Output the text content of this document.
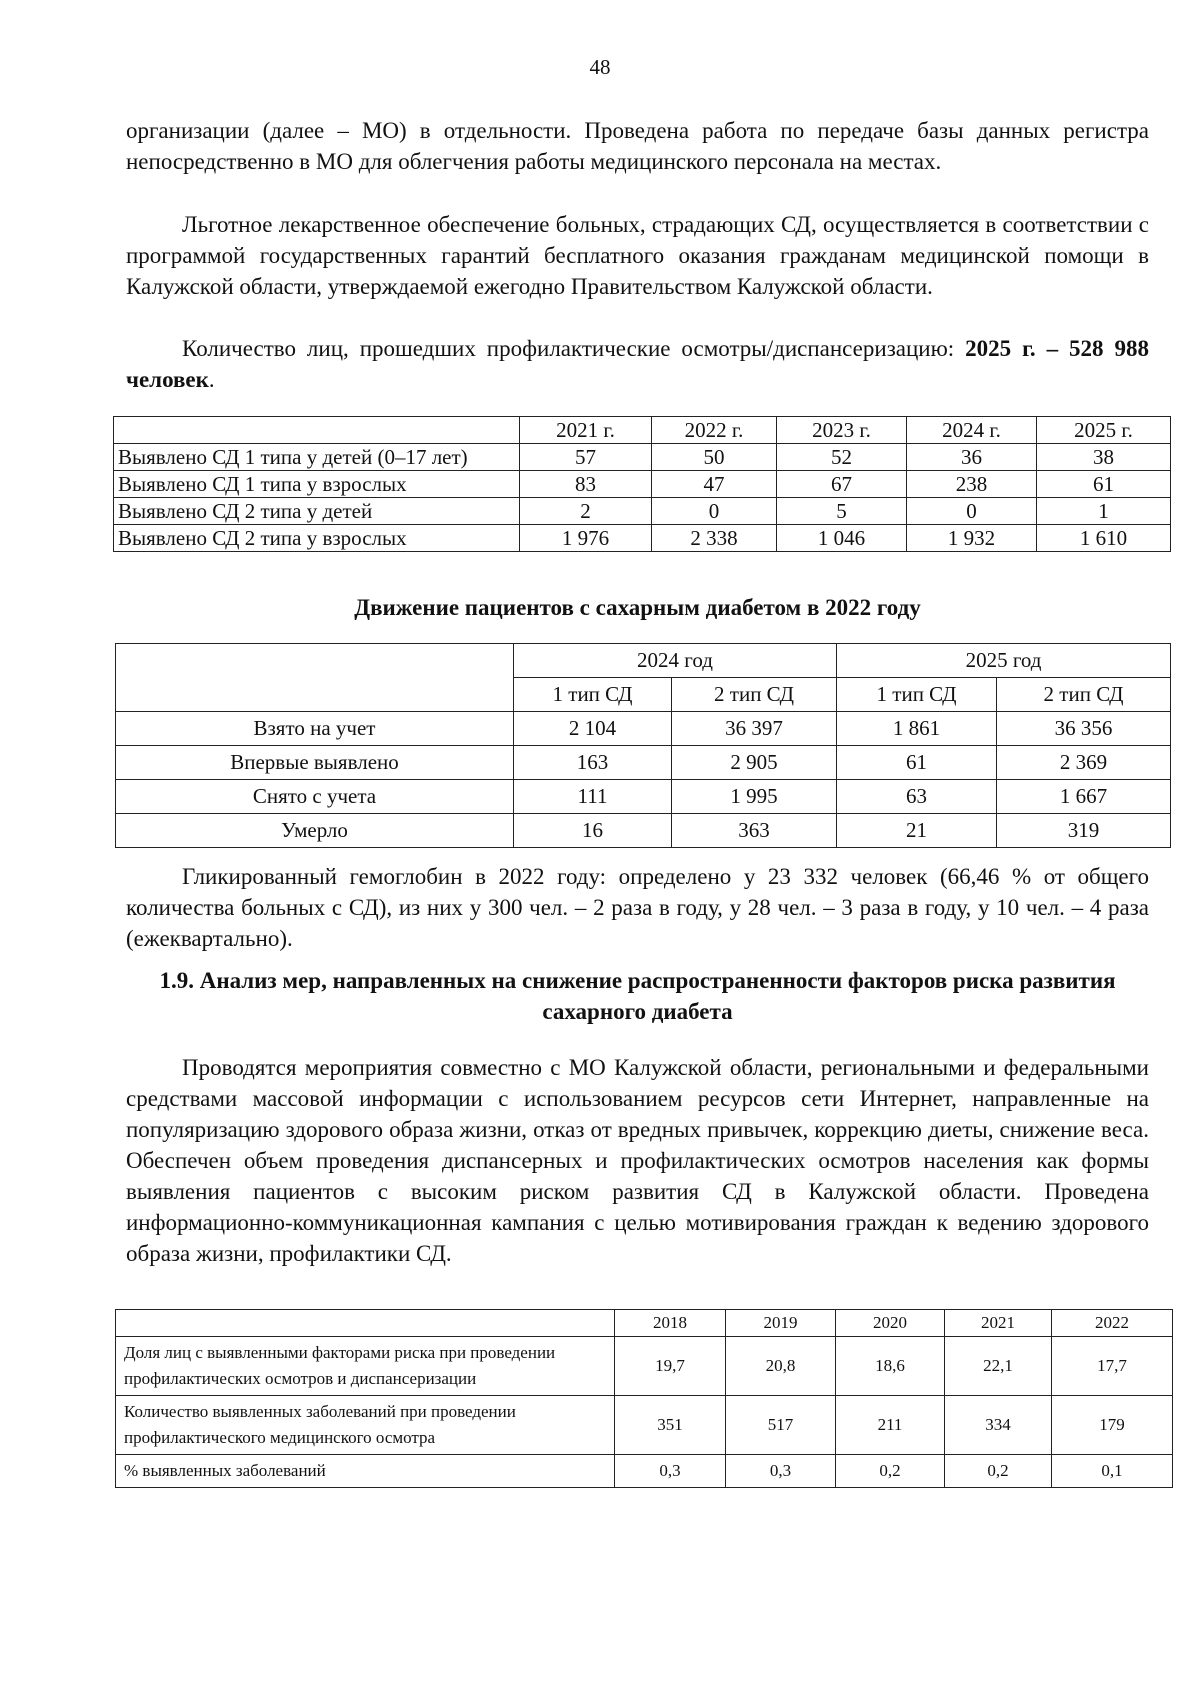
48

организации (далее – МО) в отдельности. Проведена работа по передаче базы данных регистра непосредственно в МО для облегчения работы медицинского персонала на местах.

Льготное лекарственное обеспечение больных, страдающих СД, осуществляется в соответствии с программой государственных гарантий бесплатного оказания гражданам медицинской помощи в Калужской области, утверждаемой ежегодно Правительством Калужской области.

Количество лиц, прошедших профилактические осмотры/диспансеризацию: 2025 г. – 528 988 человек.

	2021 г.	2022 г.	2023 г.	2024 г.	2025 г.
Выявлено СД 1 типа у детей (0–17 лет)	57	50	52	36	38
Выявлено СД 1 типа у взрослых	83	47	67	238	61
Выявлено СД 2 типа у детей	2	0	5	0	1
Выявлено СД 2 типа у взрослых	1 976	2 338	1 046	1 932	1 610
Движение пациентов с сахарным диабетом в 2022 году
	2024 год		2025 год	
	1 тип СД	2 тип СД	1 тип СД	2 тип СД
Взято на учет	2 104	36 397	1 861	36 356
Впервые выявлено	163	2 905	61	2 369
Снято с учета	111	1 995	63	1 667
Умерло	16	363	21	319

Гликированный гемоглобин в 2022 году: определено у 23 332 человек (66,46 % от общего количества больных с СД), из них у 300 чел. – 2 раза в году, у 28 чел. – 3 раза в году, у 10 чел. – 4 раза (ежеквартально).

1.9. Анализ мер, направленных на снижение распространенности факторов риска развития сахарного диабета

Проводятся мероприятия совместно с МО Калужской области, региональными и федеральными средствами массовой информации с использованием ресурсов сети Интернет, направленные на популяризацию здорового образа жизни, отказ от вредных привычек, коррекцию диеты, снижение веса. Обеспечен объем проведения диспансерных и профилактических осмотров населения как формы выявления пациентов с высоким риском развития СД в Калужской области. Проведена информационно-коммуникационная кампания с целью мотивирования граждан к ведению здорового образа жизни, профилактики СД.

	2018	2019	2020	2021	2022
Доля лиц с выявленными факторами риска при проведении профилактических осмотров и диспансеризации	19,7	20,8	18,6	22,1	17,7
Количество выявленных заболеваний при проведении профилактического медицинского осмотра	351	517	211	334	179
% выявленных заболеваний	0,3	0,3	0,2	0,2	0,1
